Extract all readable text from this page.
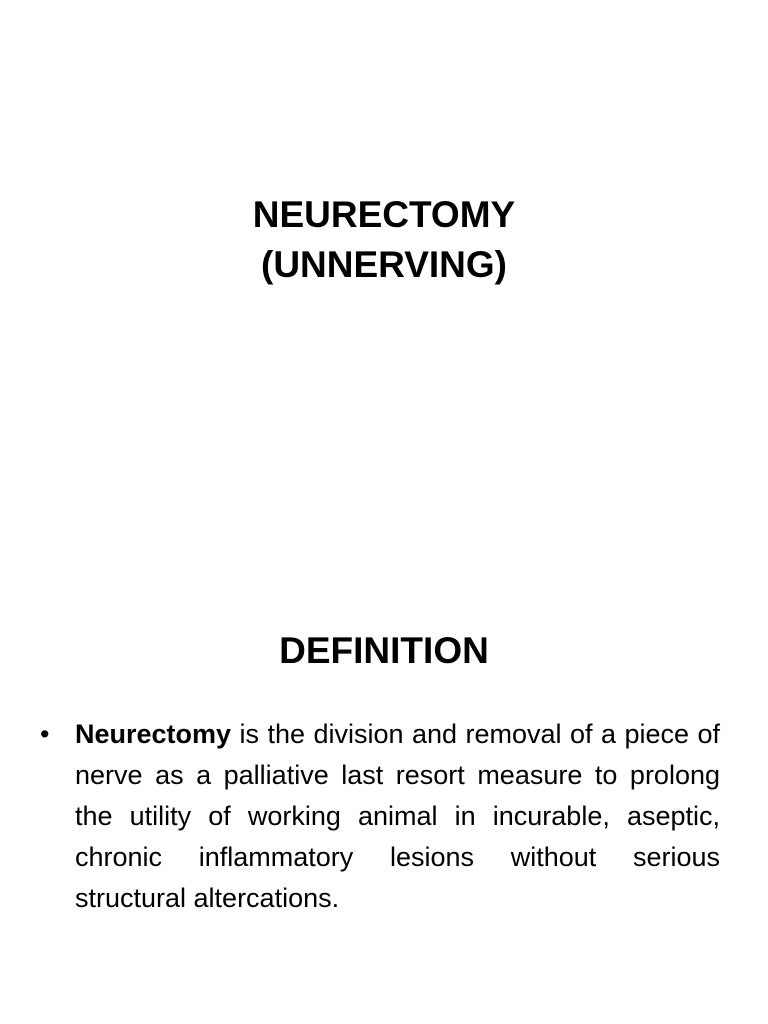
NEURECTOMY
(UNNERVING)
DEFINITION
• Neurectomy is the division and removal of a piece of nerve as a palliative last resort measure to prolong the utility of working animal in incurable, aseptic, chronic inflammatory lesions without serious structural altercations.
